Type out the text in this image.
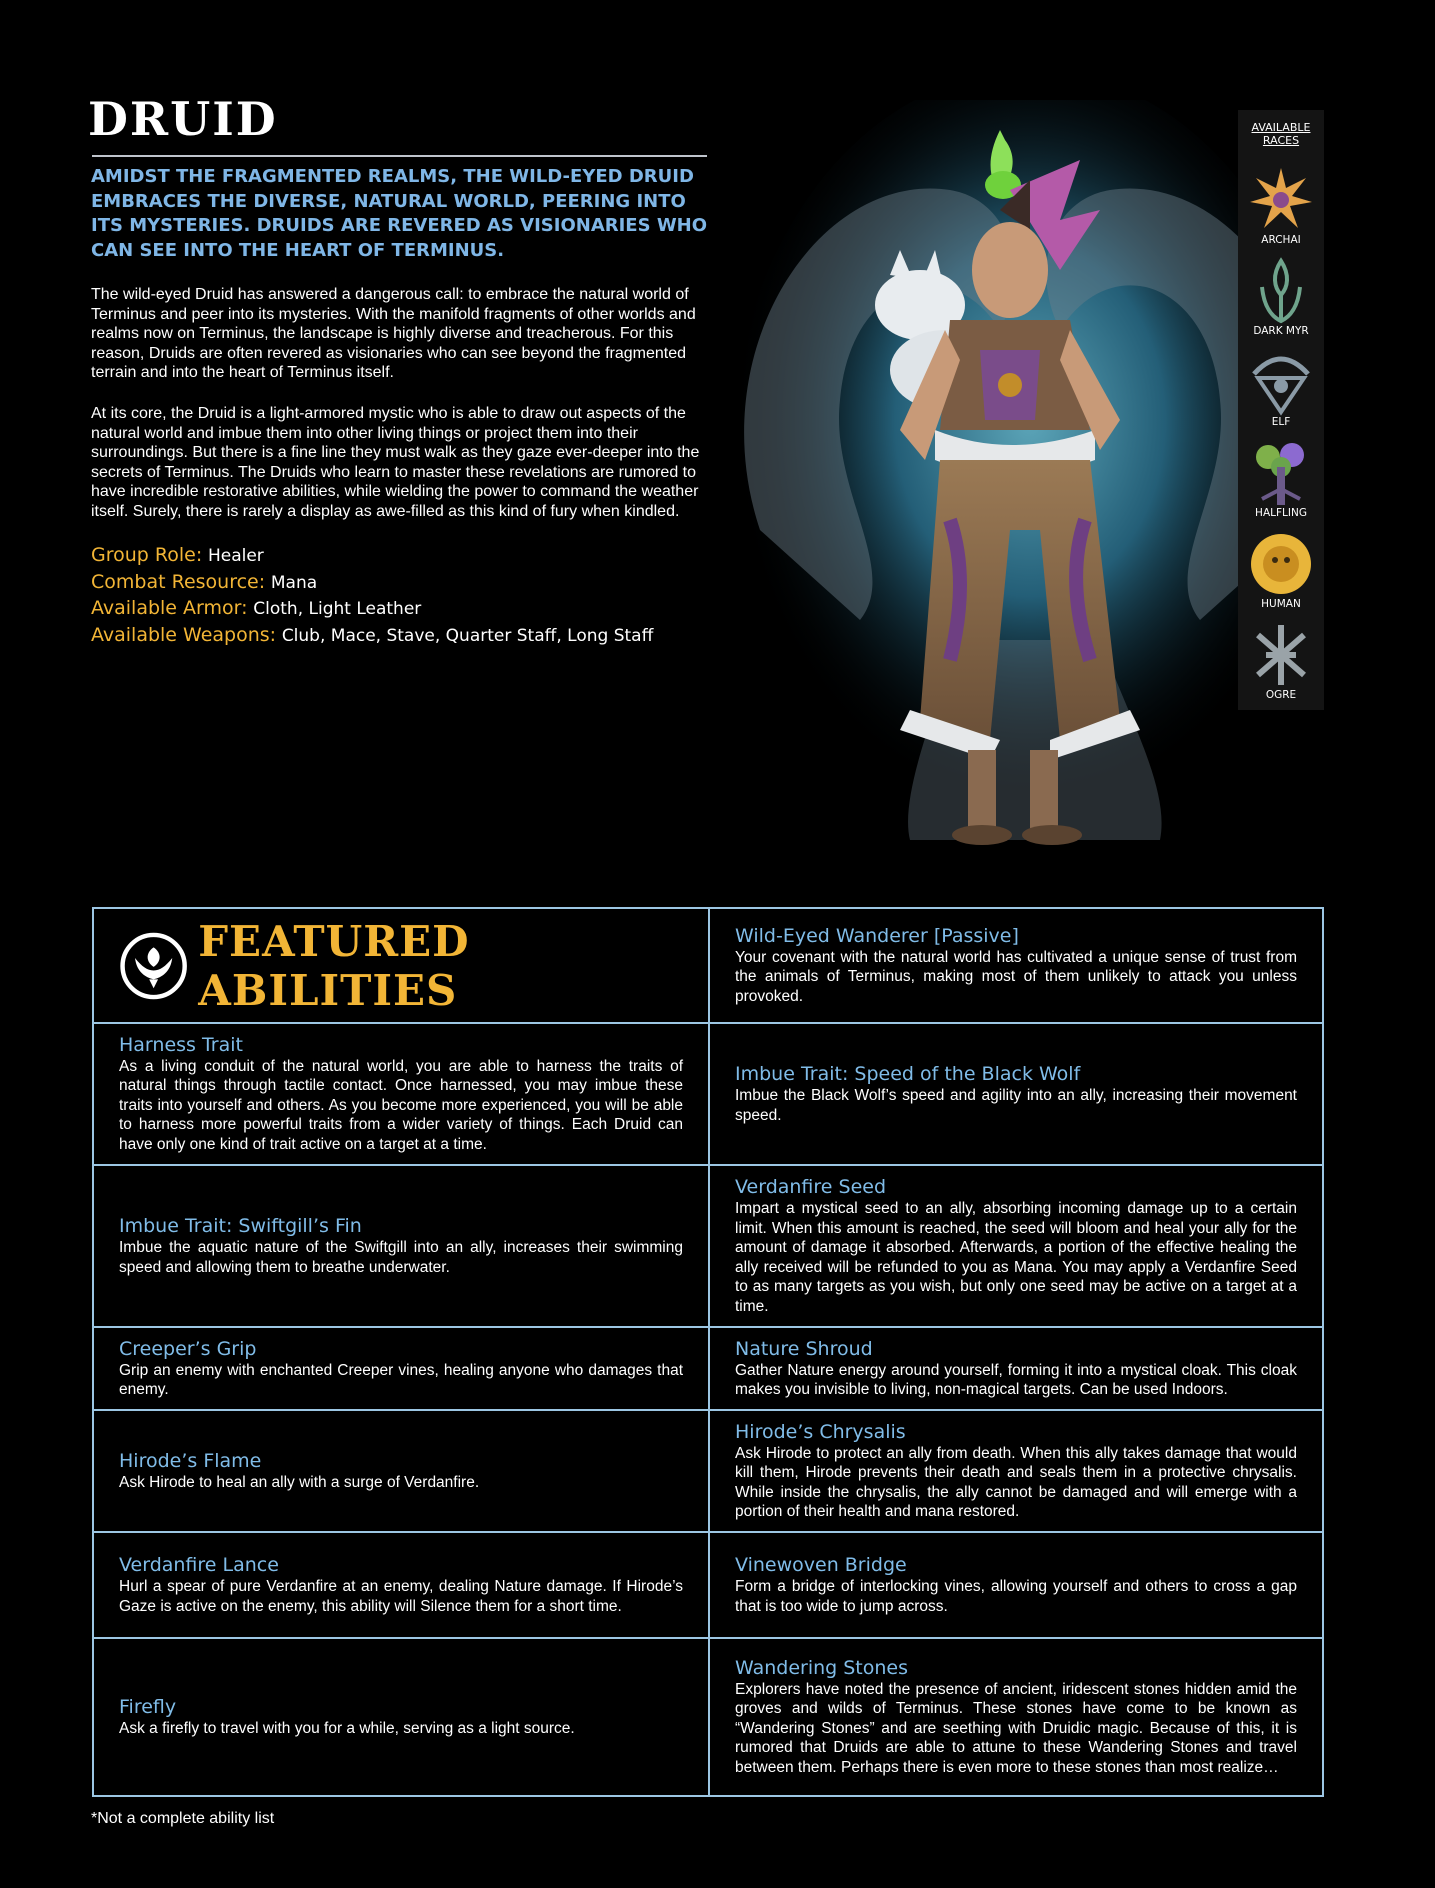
DRUID

AMIDST THE FRAGMENTED REALMS, THE WILD-EYED DRUID EMBRACES THE DIVERSE, NATURAL WORLD, PEERING INTO ITS MYSTERIES. DRUIDS ARE REVERED AS VISIONARIES WHO CAN SEE INTO THE HEART OF TERMINUS.

The wild-eyed Druid has answered a dangerous call: to embrace the natural world of Terminus and peer into its mysteries. With the manifold fragments of other worlds and realms now on Terminus, the landscape is highly diverse and treacherous. For this reason, Druids are often revered as visionaries who can see beyond the fragmented terrain and into the heart of Terminus itself.

At its core, the Druid is a light-armored mystic who is able to draw out aspects of the natural world and imbue them into other living things or project them into their surroundings. But there is a fine line they must walk as they gaze ever-deeper into the secrets of Terminus. The Druids who learn to master these revelations are rumored to have incredible restorative abilities, while wielding the power to command the weather itself. Surely, there is rarely a display as awe-filled as this kind of fury when kindled.

Group Role: Healer
Combat Resource: Mana
Available Armor: Cloth, Light Leather
Available Weapons: Club, Mace, Stave, Quarter Staff, Long Staff
AVAILABLE
RACES
ARCHAI
DARK MYR
ELF
HALFLING
HUMAN
OGRE
FEATURED ABILITIES
Wild-Eyed Wanderer [Passive]
Your covenant with the natural world has cultivated a unique sense of trust from the animals of Terminus, making most of them unlikely to attack you unless provoked.
Harness Trait
As a living conduit of the natural world, you are able to harness the traits of natural things through tactile contact. Once harnessed, you may imbue these traits into yourself and others. As you become more experienced, you will be able to harness more powerful traits from a wider variety of things. Each Druid can have only one kind of trait active on a target at a time.
Imbue Trait: Speed of the Black Wolf
Imbue the Black Wolf’s speed and agility into an ally, increasing their movement speed.
Imbue Trait: Swiftgill’s Fin
Imbue the aquatic nature of the Swiftgill into an ally, increases their swimming speed and allowing them to breathe underwater.
Verdanfire Seed
Impart a mystical seed to an ally, absorbing incoming damage up to a certain limit. When this amount is reached, the seed will bloom and heal your ally for the amount of damage it absorbed. Afterwards, a portion of the effective healing the ally received will be refunded to you as Mana. You may apply a Verdanfire Seed to as many targets as you wish, but only one seed may be active on a target at a time.
Creeper’s Grip
Grip an enemy with enchanted Creeper vines, healing anyone who damages that enemy.
Nature Shroud
Gather Nature energy around yourself, forming it into a mystical cloak. This cloak makes you invisible to living, non-magical targets. Can be used Indoors.
Hirode’s Flame
Ask Hirode to heal an ally with a surge of Verdanfire.
Hirode’s Chrysalis
Ask Hirode to protect an ally from death. When this ally takes damage that would kill them, Hirode prevents their death and seals them in a protective chrysalis. While inside the chrysalis, the ally cannot be damaged and will emerge with a portion of their health and mana restored.
Verdanfire Lance
Hurl a spear of pure Verdanfire at an enemy, dealing Nature damage. If Hirode’s Gaze is active on the enemy, this ability will Silence them for a short time.
Vinewoven Bridge
Form a bridge of interlocking vines, allowing yourself and others to cross a gap that is too wide to jump across.
Firefly
Ask a firefly to travel with you for a while, serving as a light source.
Wandering Stones
Explorers have noted the presence of ancient, iridescent stones hidden amid the groves and wilds of Terminus. These stones have come to be known as “Wandering Stones” and are seething with Druidic magic. Because of this, it is rumored that Druids are able to attune to these Wandering Stones and travel between them. Perhaps there is even more to these stones than most realize…
*Not a complete ability list
